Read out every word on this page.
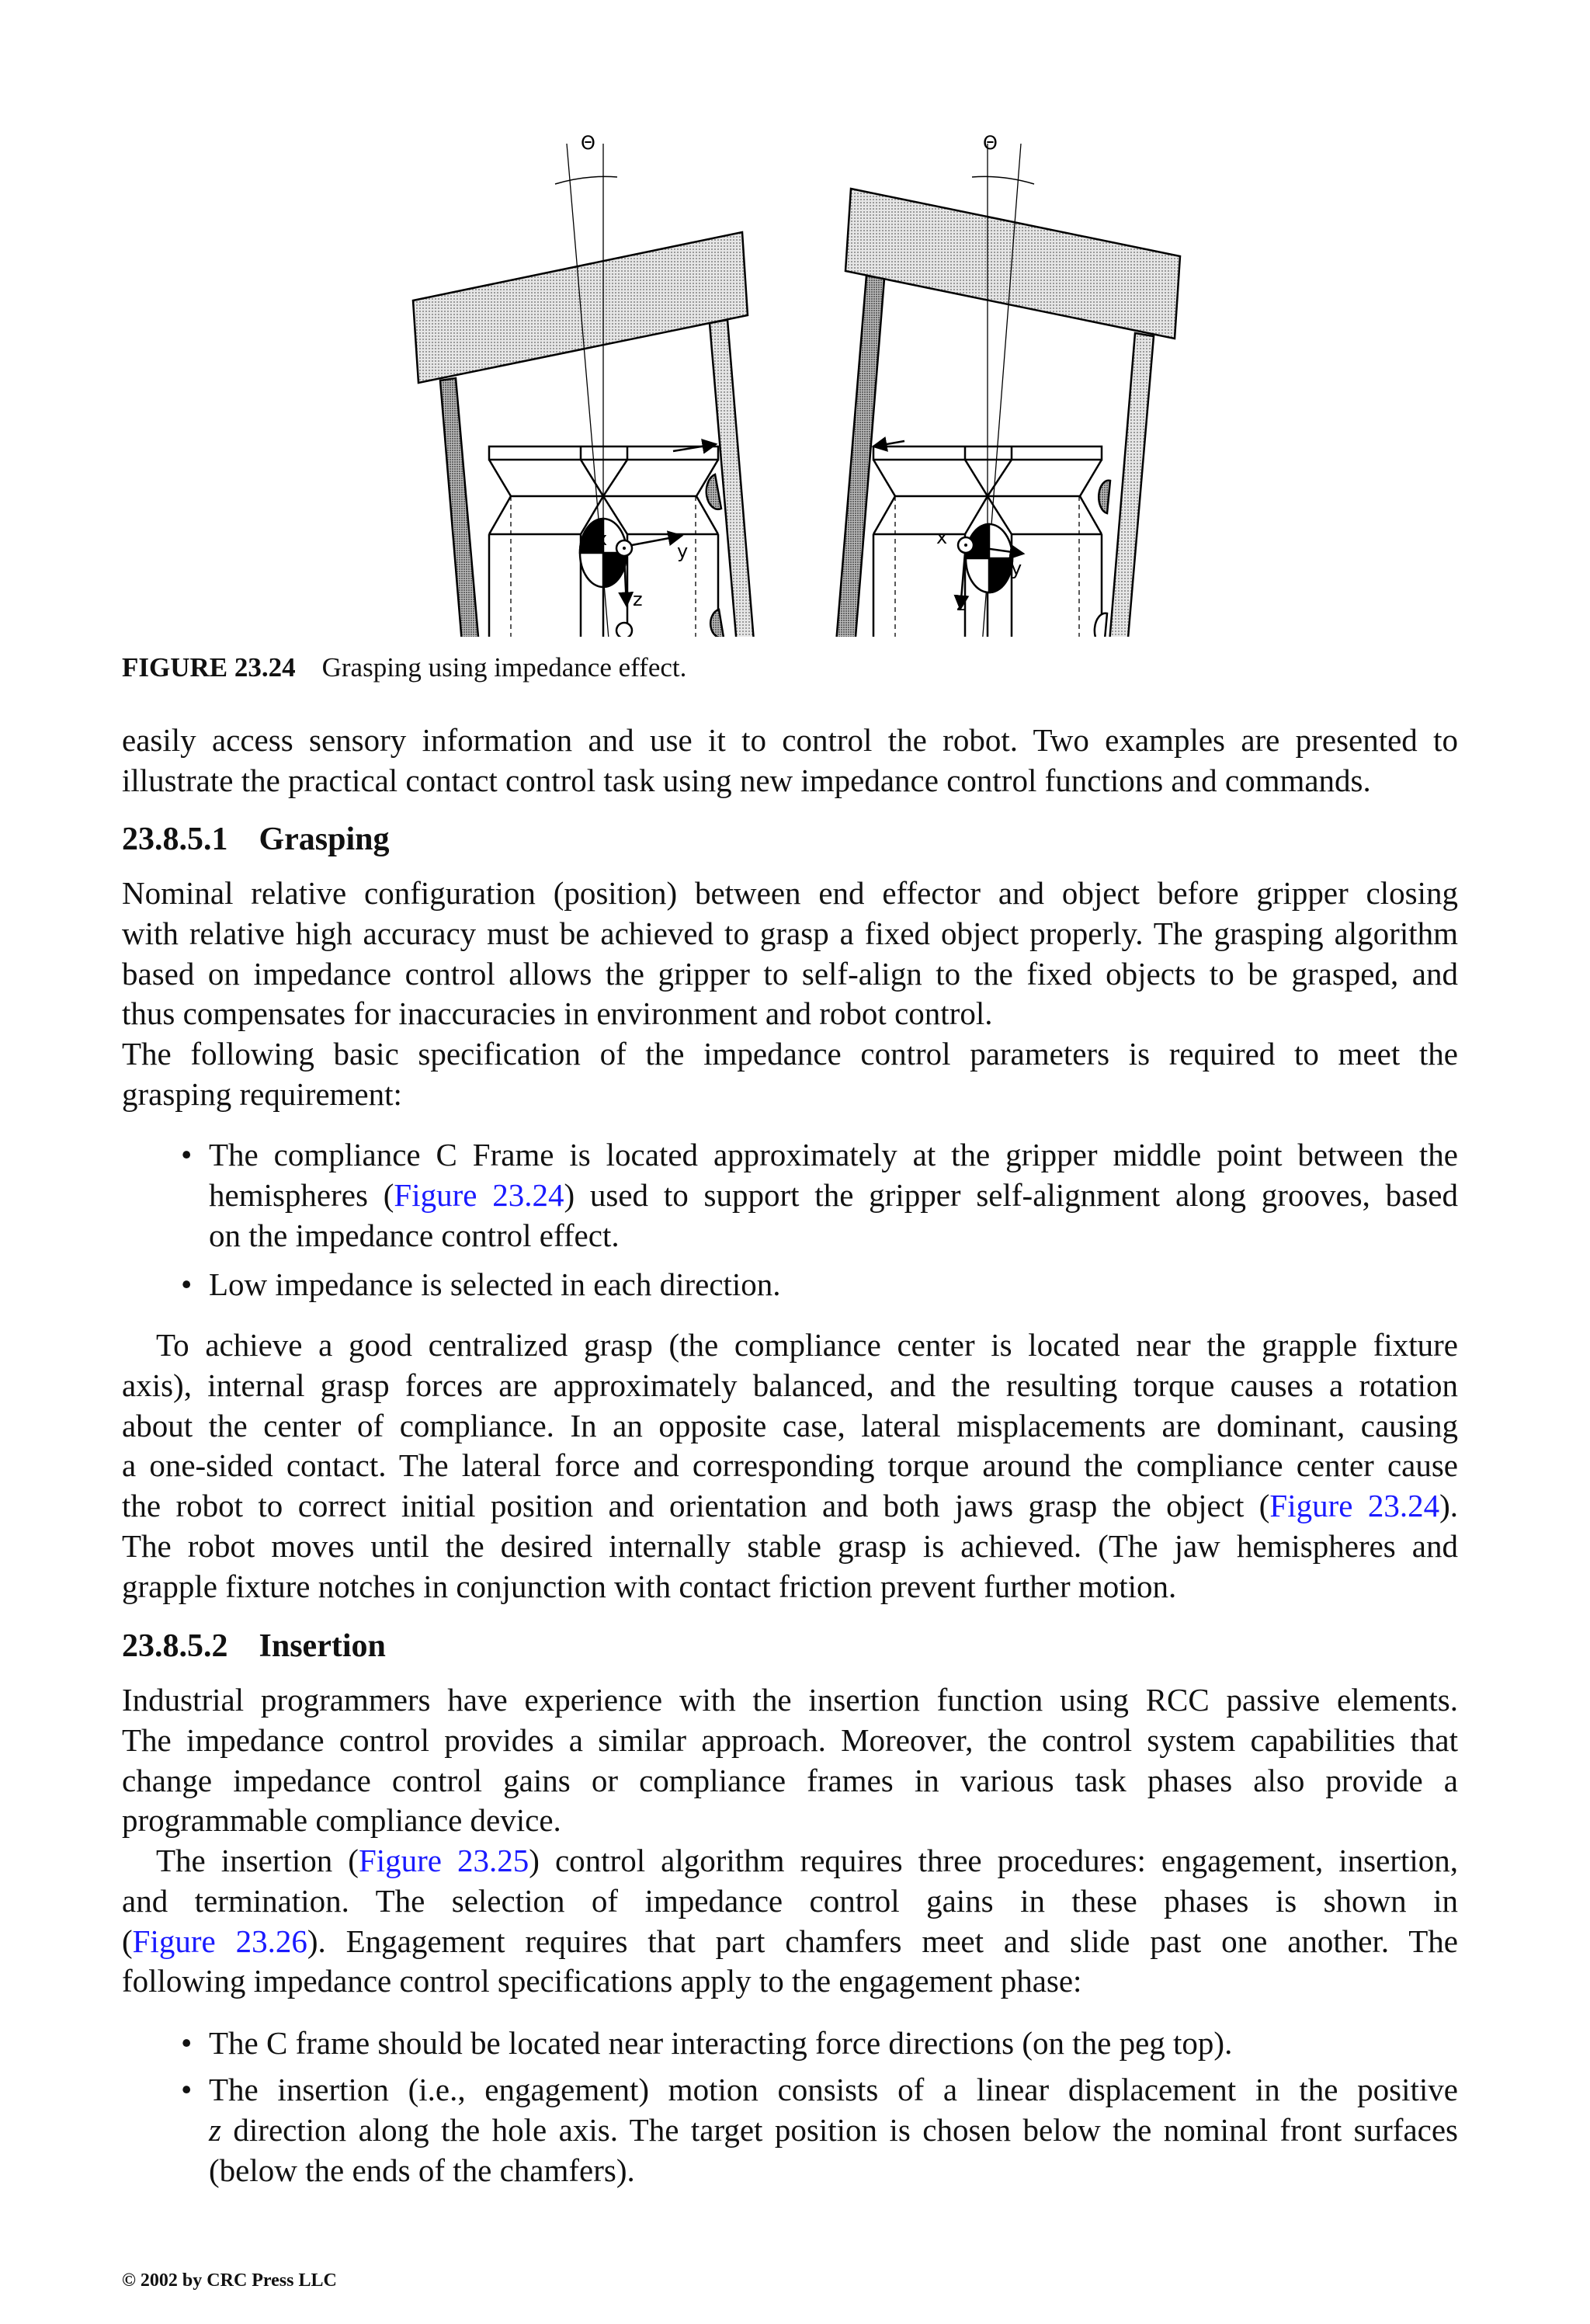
Θ	Θ
x
y
z
x
y
z
FIGURE 23.24 Grasping using impedance effect.
easily access sensory information and use it to control the robot. Two examples are presented to
illustrate the practical contact control task using new impedance control functions and commands.
23.8.5.1 Grasping
Nominal relative configuration (position) between end effector and object before gripper closing
with relative high accuracy must be achieved to grasp a fixed object properly. The grasping algorithm
based on impedance control allows the gripper to self-align to the fixed objects to be grasped, and
thus compensates for inaccuracies in environment and robot control.
The following basic specification of the impedance control parameters is required to meet the
grasping requirement:
• The compliance C Frame is located approximately at the gripper middle point between the
hemispheres (Figure 23.24) used to support the gripper self-alignment along grooves, based
on the impedance control effect.
• Low impedance is selected in each direction.
To achieve a good centralized grasp (the compliance center is located near the grapple fixture
axis), internal grasp forces are approximately balanced, and the resulting torque causes a rotation
about the center of compliance. In an opposite case, lateral misplacements are dominant, causing
a one-sided contact. The lateral force and corresponding torque around the compliance center cause
the robot to correct initial position and orientation and both jaws grasp the object (Figure 23.24).
The robot moves until the desired internally stable grasp is achieved. (The jaw hemispheres and
grapple fixture notches in conjunction with contact friction prevent further motion.
23.8.5.2 Insertion
Industrial programmers have experience with the insertion function using RCC passive elements.
The impedance control provides a similar approach. Moreover, the control system capabilities that
change impedance control gains or compliance frames in various task phases also provide a
programmable compliance device.
The insertion (Figure 23.25) control algorithm requires three procedures: engagement, insertion,
and termination. The selection of impedance control gains in these phases is shown in
(Figure 23.26). Engagement requires that part chamfers meet and slide past one another. The
following impedance control specifications apply to the engagement phase:
• The C frame should be located near interacting force directions (on the peg top).
• The insertion (i.e., engagement) motion consists of a linear displacement in the positive
z direction along the hole axis. The target position is chosen below the nominal front surfaces
(below the ends of the chamfers).
© 2002 by CRC Press LLC
